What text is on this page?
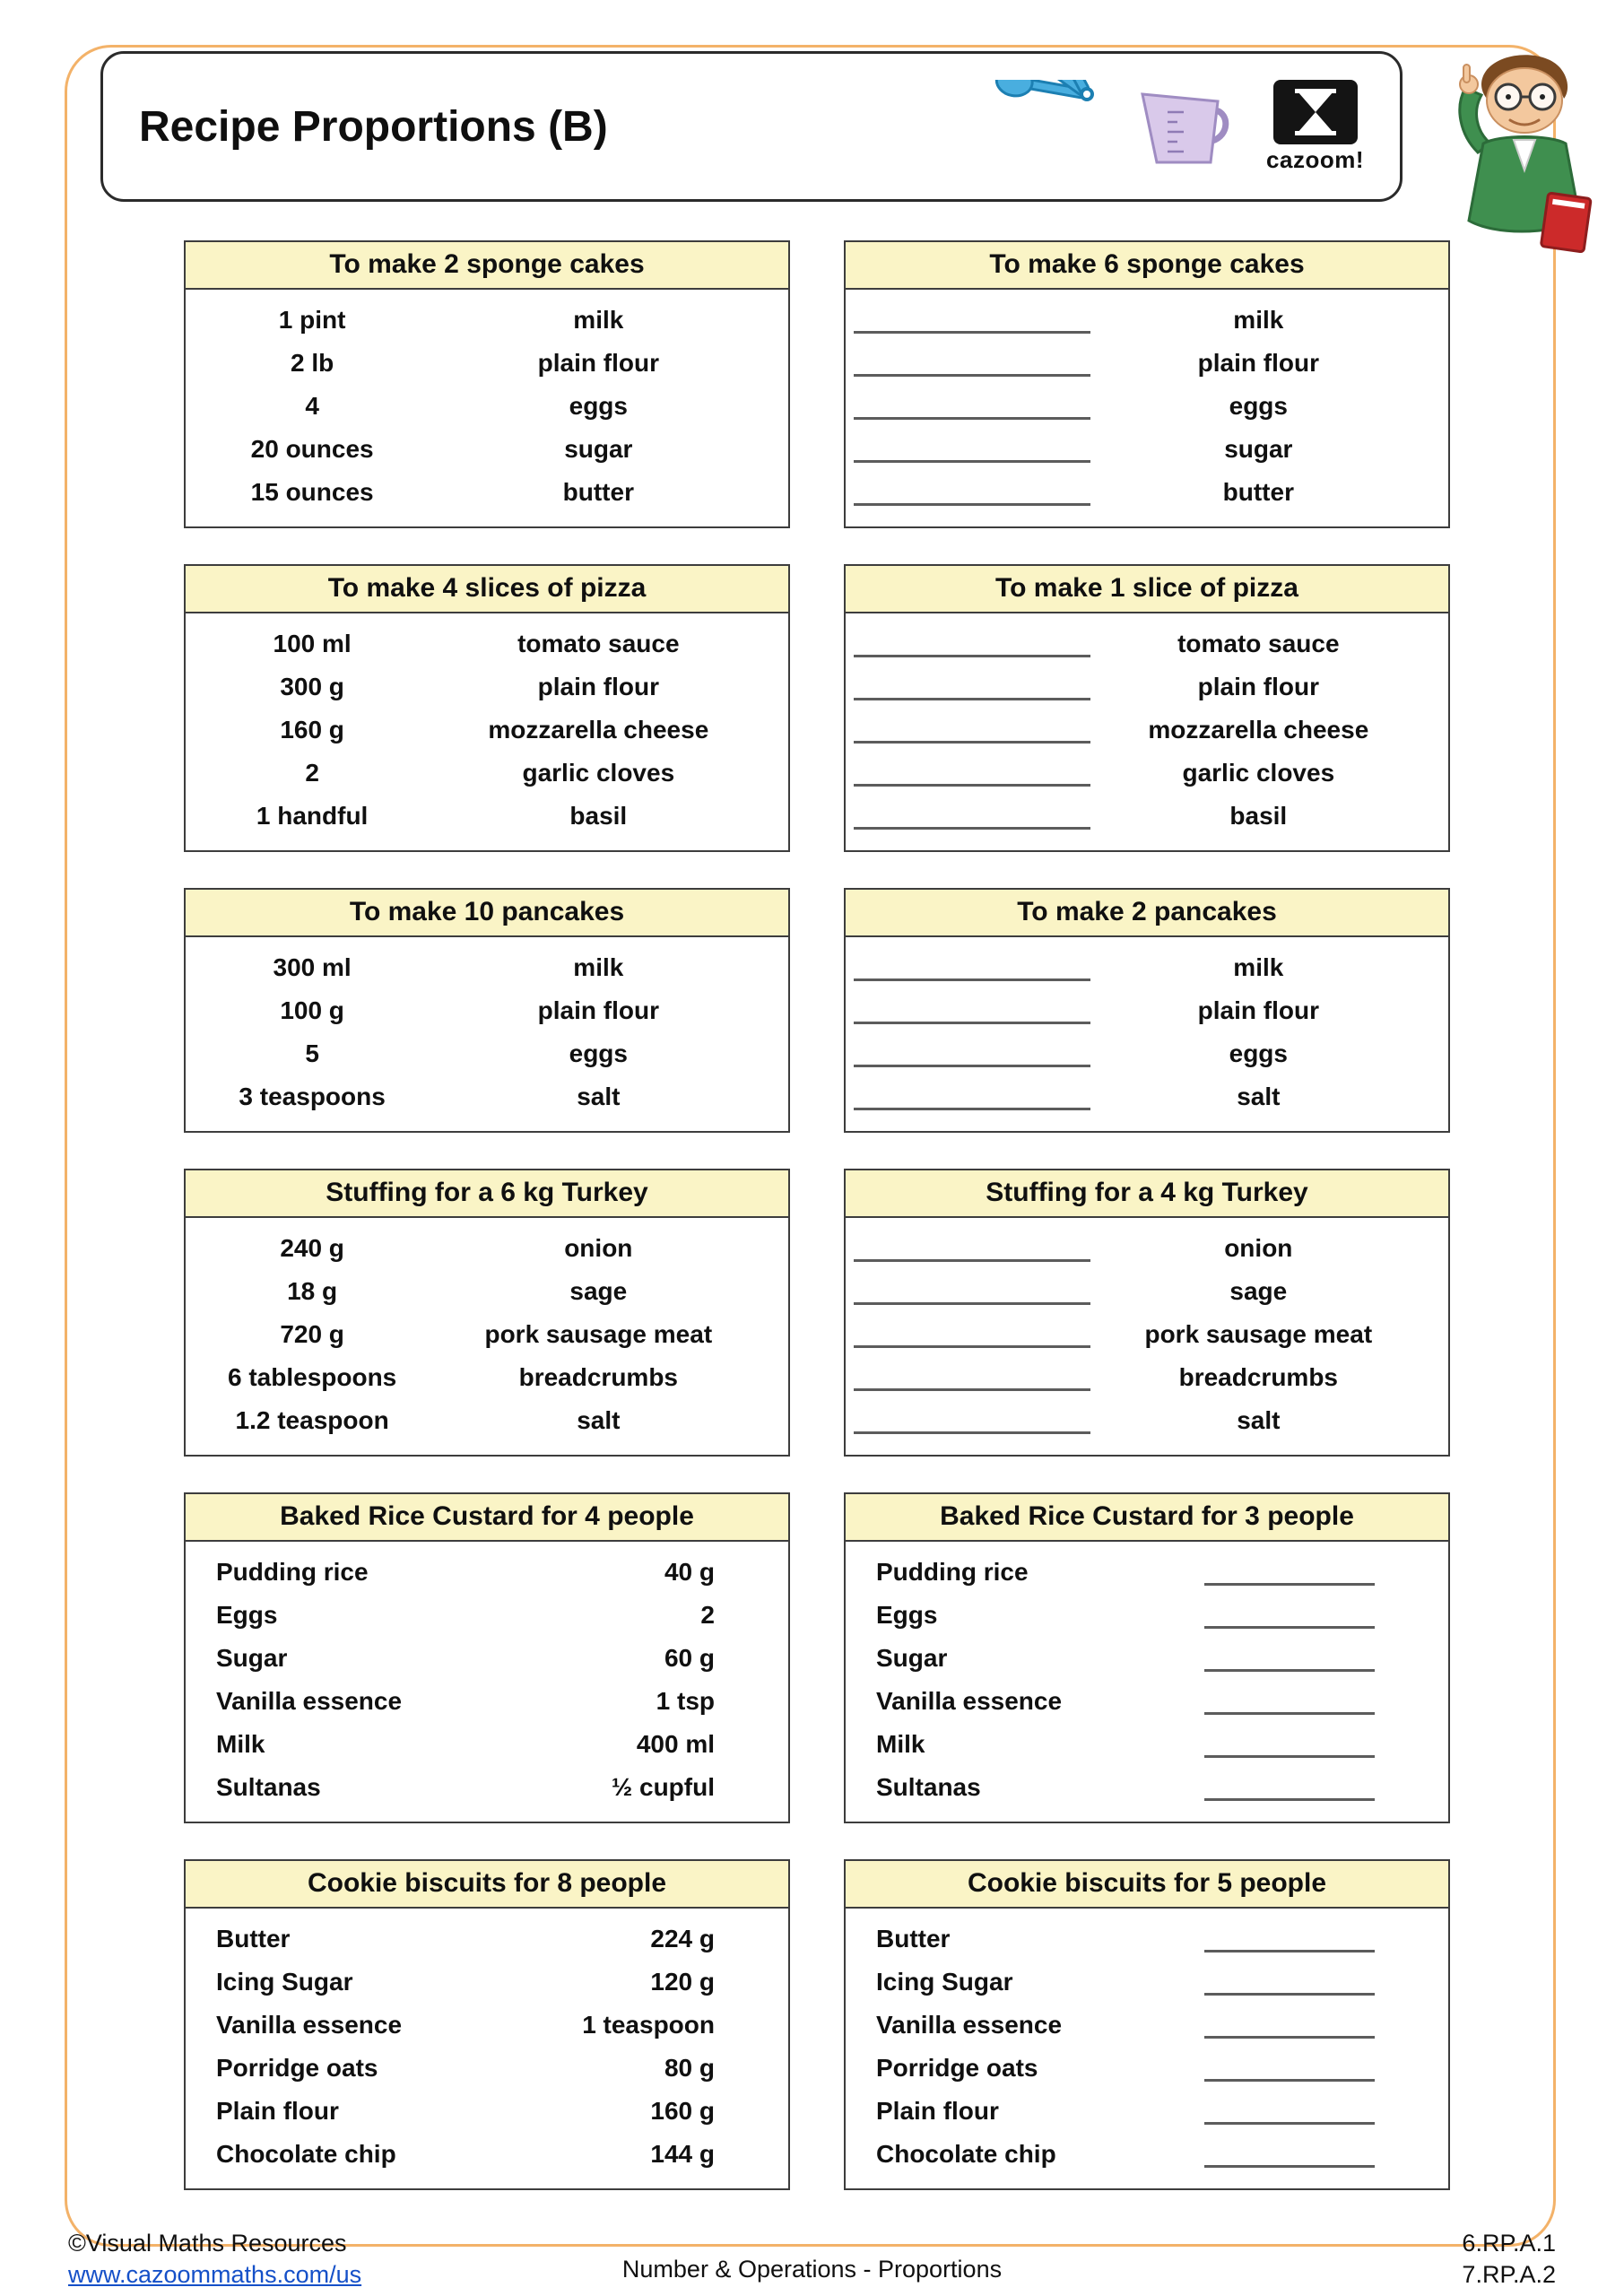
Recipe Proportions (B)
cazoom!
To make 2 sponge cakes
1 pint	milk
2 lb	plain flour
4	eggs
20 ounces	sugar
15 ounces	butter
To make 6 sponge cakes
milk
plain flour
eggs
sugar
butter
To make 4 slices of pizza
100 ml	tomato sauce
300 g	plain flour
160 g	mozzarella cheese
2	garlic cloves
1 handful	basil
To make 1 slice of pizza
tomato sauce
plain flour
mozzarella cheese
garlic cloves
basil
To make 10 pancakes
300 ml	milk
100 g	plain flour
5	eggs
3 teaspoons	salt
To make 2 pancakes
milk
plain flour
eggs
salt
Stuffing for a 6 kg Turkey
240 g	onion
18 g	sage
720 g	pork sausage meat
6 tablespoons	breadcrumbs
1.2 teaspoon	salt
Stuffing for a 4 kg Turkey
onion
sage
pork sausage meat
breadcrumbs
salt
Baked Rice Custard for 4 people
Pudding rice	40 g
Eggs	2
Sugar	60 g
Vanilla essence	1 tsp
Milk	400 ml
Sultanas	½ cupful
Baked Rice Custard for 3 people
Pudding rice
Eggs
Sugar
Vanilla essence
Milk
Sultanas
Cookie biscuits for 8 people
Butter	224 g
Icing Sugar	120 g
Vanilla essence	1 teaspoon
Porridge oats	80 g
Plain flour	160 g
Chocolate chip	144 g
Cookie biscuits for 5 people
Butter
Icing Sugar
Vanilla essence
Porridge oats
Plain flour
Chocolate chip
©Visual Maths Resources
www.cazoommaths.com/us	Number & Operations - Proportions
6.RP.A.1
7.RP.A.2
